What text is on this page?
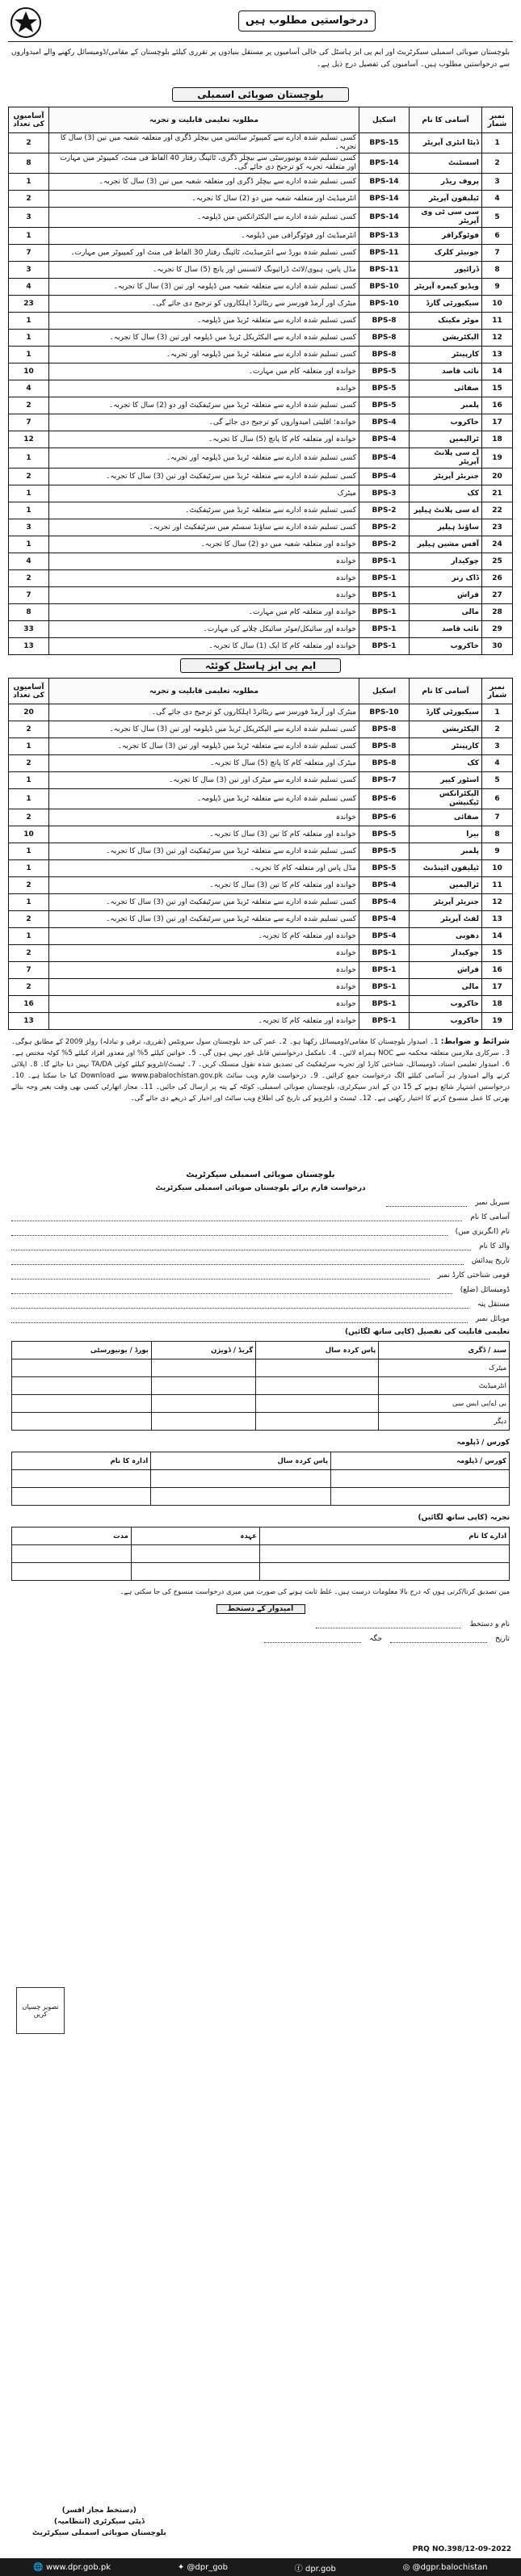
درخواستیں مطلوب ہیں

بلوچستان صوبائی اسمبلی سیکرٹریٹ اور ایم پی ایز ہاسٹل کی خالی آسامیوں پر مستقل بنیادوں پر تقرری کیلئے بلوچستان کے مقامی/ڈومیسائل رکھنے والے امیدواروں سے درخواستیں مطلوب ہیں۔ آسامیوں کی تفصیل درج ذیل ہے۔

بلوچستان صوبائی اسمبلی
نمبر شمار	آسامی کا نام	اسکیل	مطلوبہ تعلیمی قابلیت و تجربہ	آسامیوں کی تعداد
1	ڈیٹا انٹری آپریٹر	BPS-15	کسی تسلیم شدہ ادارے سے کمپیوٹر سائنس میں بیچلر ڈگری اور متعلقہ شعبہ میں تین (3) سال کا تجربہ۔	2
2	اسسٹنٹ	BPS-14	کسی تسلیم شدہ یونیورسٹی سے بیچلر ڈگری، ٹائپنگ رفتار 40 الفاظ فی منٹ، کمپیوٹر میں مہارت اور متعلقہ تجربہ کو ترجیح دی جائے گی۔	8
3	پروف ریڈر	BPS-14	کسی تسلیم شدہ ادارے سے بیچلر ڈگری اور متعلقہ شعبہ میں تین (3) سال کا تجربہ۔	1
4	ٹیلیفون آپریٹر	BPS-14	انٹرمیڈیٹ اور متعلقہ شعبہ میں دو (2) سال کا تجربہ۔	2
5	سی سی ٹی وی آپریٹر	BPS-14	کسی تسلیم شدہ ادارے سے الیکٹرانکس میں ڈپلومہ۔	3
6	فوٹوگرافر	BPS-13	انٹرمیڈیٹ اور فوٹوگرافی میں ڈپلومہ۔	1
7	جونیئر کلرک	BPS-11	کسی تسلیم شدہ بورڈ سے انٹرمیڈیٹ، ٹائپنگ رفتار 30 الفاظ فی منٹ اور کمپیوٹر میں مہارت۔	7
8	ڈرائیور	BPS-11	مڈل پاس، ہیوی/لائٹ ڈرائیونگ لائسنس اور پانچ (5) سال کا تجربہ۔	3
9	ویڈیو کیمرہ آپریٹر	BPS-10	کسی تسلیم شدہ ادارے سے متعلقہ شعبہ میں ڈپلومہ اور تین (3) سال کا تجربہ۔	4
10	سیکیورٹی گارڈ	BPS-10	میٹرک اور آرمڈ فورسز سے ریٹائرڈ اہلکاروں کو ترجیح دی جائے گی۔	23
11	موٹر مکینک	BPS-8	کسی تسلیم شدہ ادارے سے متعلقہ ٹریڈ میں ڈپلومہ۔	1
12	الیکٹریشن	BPS-8	کسی تسلیم شدہ ادارے سے الیکٹریکل ٹریڈ میں ڈپلومہ اور تین (3) سال کا تجربہ۔	1
13	کارپینٹر	BPS-8	کسی تسلیم شدہ ادارے سے متعلقہ ٹریڈ میں ڈپلومہ اور تجربہ۔	1
14	نائب قاصد	BPS-5	خواندہ اور متعلقہ کام میں مہارت۔	10
15	صفائی	BPS-5	خواندہ	4
16	پلمبر	BPS-5	کسی تسلیم شدہ ادارے سے متعلقہ ٹریڈ میں سرٹیفکیٹ اور دو (2) سال کا تجربہ۔	2
17	خاکروب	BPS-4	خواندہ؛ اقلیتی امیدواروں کو ترجیح دی جائے گی۔	7
18	ٹرالیمین	BPS-4	خواندہ اور متعلقہ کام کا پانچ (5) سال کا تجربہ۔	12
19	اے سی پلانٹ آپریٹر	BPS-4	کسی تسلیم شدہ ادارے سے متعلقہ ٹریڈ میں ڈپلومہ اور تجربہ۔	1
20	جنریٹر آپریٹر	BPS-4	کسی تسلیم شدہ ادارے سے متعلقہ ٹریڈ میں سرٹیفکیٹ اور تین (3) سال کا تجربہ۔	2
21	کک	BPS-3	میٹرک	1
22	اے سی پلانٹ ہیلپر	BPS-2	کسی تسلیم شدہ ادارے سے متعلقہ ٹریڈ میں سرٹیفکیٹ۔	1
23	ساؤنڈ ہیلپر	BPS-2	کسی تسلیم شدہ ادارے سے ساؤنڈ سسٹم میں سرٹیفکیٹ اور تجربہ۔	3
24	آفس مشین ہیلپر	BPS-2	خواندہ اور متعلقہ شعبہ میں دو (2) سال کا تجربہ۔	1
25	چوکیدار	BPS-1	خواندہ	4
26	ڈاک رنر	BPS-1	خواندہ	2
27	فراش	BPS-1	خواندہ	7
28	مالی	BPS-1	خواندہ اور متعلقہ کام میں مہارت۔	8
29	نائب قاصد	BPS-1	خواندہ اور سائیکل/موٹر سائیکل چلانے کی مہارت۔	33
30	خاکروب	BPS-1	خواندہ اور متعلقہ کام کا ایک (1) سال کا تجربہ۔	13
ایم پی ایز ہاسٹل کوئٹہ
نمبر شمار	آسامی کا نام	اسکیل	مطلوبہ تعلیمی قابلیت و تجربہ	آسامیوں کی تعداد
1	سیکیورٹی گارڈ	BPS-10	میٹرک اور آرمڈ فورسز سے ریٹائرڈ اہلکاروں کو ترجیح دی جائے گی۔	20
2	الیکٹریشن	BPS-8	کسی تسلیم شدہ ادارے سے الیکٹریکل ٹریڈ میں ڈپلومہ اور تین (3) سال کا تجربہ۔	2
3	کارپینٹر	BPS-8	کسی تسلیم شدہ ادارے سے متعلقہ ٹریڈ میں ڈپلومہ اور تین (3) سال کا تجربہ۔	1
4	کک	BPS-8	میٹرک اور متعلقہ کام کا پانچ (5) سال کا تجربہ۔	2
5	اسٹور کیپر	BPS-7	کسی تسلیم شدہ ادارے سے میٹرک اور تین (3) سال کا تجربہ۔	1
6	الیکٹرانکس ٹیکنیشن	BPS-6	کسی تسلیم شدہ ادارے سے متعلقہ ٹریڈ میں ڈپلومہ۔	1
7	صفائی	BPS-6	خواندہ	2
8	بیرا	BPS-5	خواندہ اور متعلقہ کام کا تین (3) سال کا تجربہ۔	10
9	پلمبر	BPS-5	کسی تسلیم شدہ ادارے سے متعلقہ ٹریڈ میں سرٹیفکیٹ اور تین (3) سال کا تجربہ۔	1
10	ٹیلیفون اٹینڈنٹ	BPS-5	مڈل پاس اور متعلقہ کام کا تجربہ۔	1
11	ٹرالیمین	BPS-4	خواندہ اور متعلقہ کام کا تین (3) سال کا تجربہ۔	2
12	جنریٹر آپریٹر	BPS-4	کسی تسلیم شدہ ادارے سے متعلقہ ٹریڈ میں سرٹیفکیٹ اور تین (3) سال کا تجربہ۔	1
13	لفٹ آپریٹر	BPS-4	کسی تسلیم شدہ ادارے سے متعلقہ ٹریڈ میں سرٹیفکیٹ اور تین (3) سال کا تجربہ۔	2
14	دھوبی	BPS-4	خواندہ اور متعلقہ کام کا تجربہ۔	1
15	چوکیدار	BPS-1	خواندہ	2
16	فراش	BPS-1	خواندہ	7
17	مالی	BPS-1	خواندہ	2
18	خاکروب	BPS-1	خواندہ	16
19	خاکروب	BPS-1	خواندہ اور متعلقہ کام کا تجربہ۔	13
شرائط و ضوابط: 1۔ امیدوار بلوچستان کا مقامی/ڈومیسائل رکھتا ہو۔ 2۔ عمر کی حد بلوچستان سول سرونٹس (تقرری، ترقی و تبادلہ) رولز 2009 کے مطابق ہوگی۔ 3۔ سرکاری ملازمین متعلقہ محکمہ سے NOC ہمراہ لائیں۔ 4۔ نامکمل درخواستیں قابل غور نہیں ہوں گی۔ 5۔ خواتین کیلئے 5% اور معذور افراد کیلئے 5% کوٹہ مختص ہے۔ 6۔ امیدوار تعلیمی اسناد، ڈومیسائل، شناختی کارڈ اور تجربہ سرٹیفکیٹ کی تصدیق شدہ نقول منسلک کریں۔ 7۔ ٹیسٹ/انٹرویو کیلئے کوئی TA/DA نہیں دیا جائے گا۔ 8۔ اپلائی کرنے والے امیدوار ہر آسامی کیلئے الگ درخواست جمع کرائیں۔ 9۔ درخواست فارم ویب سائٹ www.pabalochistan.gov.pk سے Download کیا جا سکتا ہے۔ 10۔ درخواستیں اشتہار شائع ہونے کے 15 دن کے اندر سیکرٹری، بلوچستان صوبائی اسمبلی، کوئٹہ کے پتہ پر ارسال کی جائیں۔ 11۔ مجاز اتھارٹی کسی بھی وقت بغیر وجہ بتائے بھرتی کا عمل منسوخ کرنے کا اختیار رکھتی ہے۔ 12۔ ٹیسٹ و انٹرویو کی تاریخ کی اطلاع ویب سائٹ اور اخبار کے ذریعے دی جائے گی۔
بلوچستان صوبائی اسمبلی سیکرٹریٹ
درخواست فارم برائے بلوچستان صوبائی اسمبلی سیکرٹریٹ
سیریل نمبر
آسامی کا نام
نام (انگریزی میں)
والد کا نام
تاریخ پیدائش
قومی شناختی کارڈ نمبر
ڈومیسائل (ضلع)
مستقل پتہ
موبائل نمبر
تعلیمی قابلیت کی تفصیل (کاپی ساتھ لگائیں)
سند / ڈگری	پاس کردہ سال	گریڈ / ڈویژن	بورڈ / یونیورسٹی
میٹرک			
انٹرمیڈیٹ			
بی اے/بی ایس سی			
دیگر			
کورس / ڈپلومہ
کورس / ڈپلومہ	پاس کردہ سال	ادارہ کا نام

تجربہ (کاپی ساتھ لگائیں)
ادارے کا نام	عہدہ	مدت

میں تصدیق کرتا/کرتی ہوں کہ درج بالا معلومات درست ہیں۔ غلط ثابت ہونے کی صورت میں میری درخواست منسوخ کی جا سکتی ہے۔

امیدوار کے دستخط
نام و دستخط
تاریخ
جگہ
تصویر چسپاں کریں
(دستخط مجاز افسر)
ڈپٹی سیکرٹری (انتظامیہ)
بلوچستان صوبائی اسمبلی سیکرٹریٹ
PRQ NO.398/12-09-2022
🌐 www.dpr.gob.pk	✦ @dpr_gob	ⓕ dpr.gob	◎ @dgpr.balochistan
